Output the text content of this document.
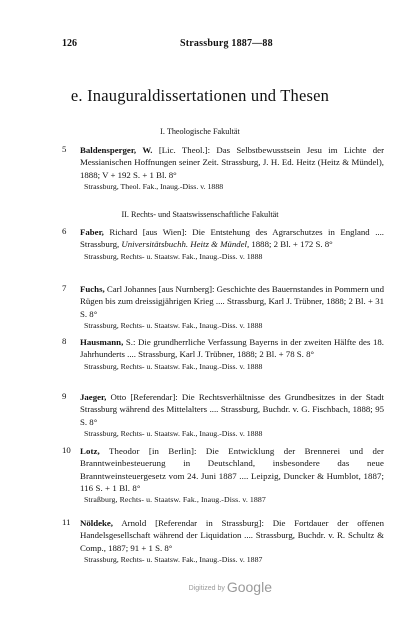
126	Strassburg 1887—88
e. Inauguraldissertationen und Thesen
I. Theologische Fakultät
5	Baldensperger, W. [Lic. Theol.]: Das Selbstbewusstsein Jesu im Lichte der Messianischen Hoffnungen seiner Zeit. Strassburg, J. H. Ed. Heitz (Heitz & Mündel), 1888; V + 192 S. + 1 Bl. 8°
Strassburg, Theol. Fak., Inaug.-Diss. v. 1888
II. Rechts- und Staatswissenschaftliche Fakultät
6	Faber, Richard [aus Wien]: Die Entstehung des Agrarschutzes in England .... Strassburg, Universitätsbuchh. Heitz & Mündel, 1888; 2 Bl. + 172 S. 8°
Strassburg, Rechts- u. Staatsw. Fak., Inaug.-Diss. v. 1888
7	Fuchs, Carl Johannes [aus Nurnberg]: Geschichte des Bauernstandes in Pommern und Rügen bis zum dreissigjährigen Krieg .... Strassburg, Karl J. Trübner, 1888; 2 Bl. + 31 S. 8°
Strassburg, Rechts- u. Staatsw. Fak., Inaug.-Diss. v. 1888
8	Hausmann, S.: Die grundherrliche Verfassung Bayerns in der zweiten Hälfte des 18. Jahrhunderts .... Strassburg, Karl J. Trübner, 1888; 2 Bl. + 78 S. 8°
Strassburg, Rechts- u. Staatsw. Fak., Inaug.-Diss. v. 1888
9	Jaeger, Otto [Referendar]: Die Rechtsverhältnisse des Grundbesitzes in der Stadt Strassburg während des Mittelalters .... Strassburg, Buchdr. v. G. Fischbach, 1888; 95 S. 8°
Strassburg, Rechts- u. Staatsw. Fak., Inaug.-Diss. v. 1888
10	Lotz, Theodor [in Berlin]: Die Entwicklung der Brennerei und der Branntweinbesteuerung in Deutschland, insbesondere das neue Branntweinsteuergesetz vom 24. Juni 1887 .... Leipzig, Duncker & Humblot, 1887; 116 S. + 1 Bl. 8°
Straßburg, Rechts- u. Staatsw. Fak., Inaug.-Diss. v. 1887
11	Nöldeke, Arnold [Referendar in Strassburg]: Die Fortdauer der offenen Handelsgesellschaft während der Liquidation .... Strassburg, Buchdr. v. R. Schultz & Comp., 1887; 91 + 1 S. 8°
Strassburg, Rechts- u. Staatsw. Fak., Inaug.-Diss. v. 1887
Digitized by Google
